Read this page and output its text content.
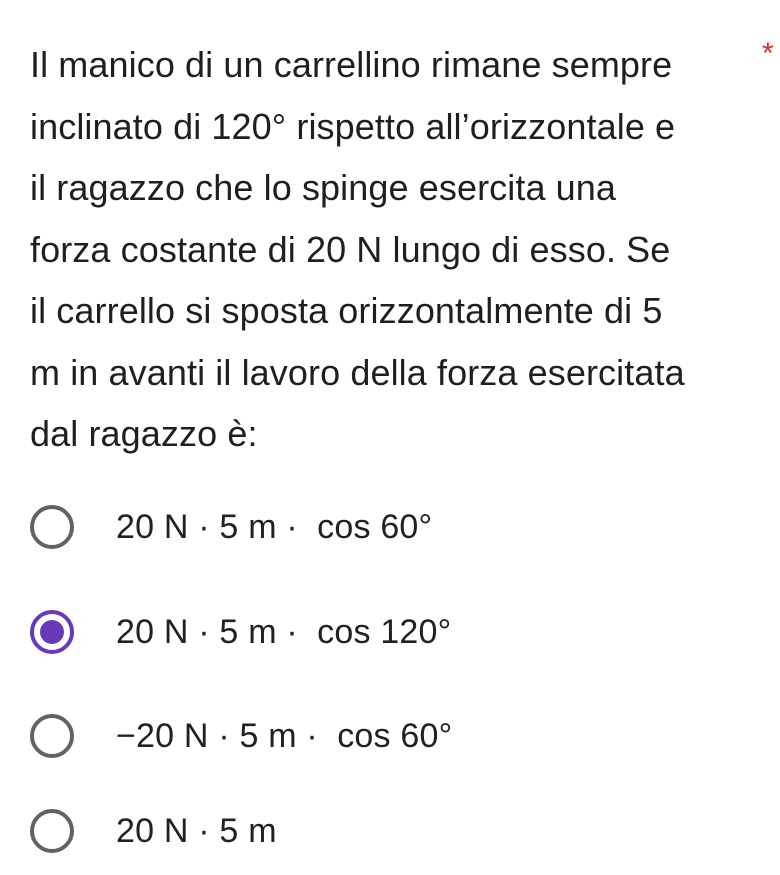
Il manico di un carrellino rimane sempre
inclinato di 120° rispetto all’orizzontale e
il ragazzo che lo spinge esercita una
forza costante di 20 N lungo di esso. Se
il carrello si sposta orizzontalmente di 5
m in avanti il lavoro della forza esercitata
dal ragazzo è:
*
20 N · 5 m ·  cos 60°
20 N · 5 m ·  cos 120°
−20 N · 5 m ·  cos 60°
20 N · 5 m
